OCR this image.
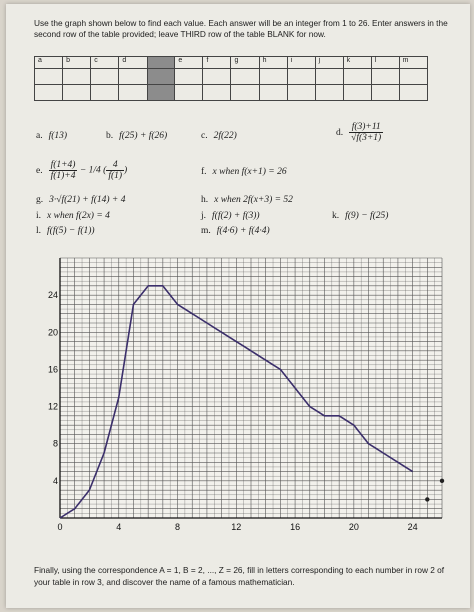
Use the graph shown below to find each value. Each answer will be an integer from 1 to 26. Enter answers in the second row of the table provided; leave THIRD row of the table BLANK for now.
a	b	c	d		e	f	g	h	i	j	k	l	m

a. f(13)	b. f(25) + f(26)	c. 2f(22)	d. $\frac{f(3)+11}{√f(3+1)}$
e. $\frac{f(1+4)}{f(1)+4} - 1/4$ ( $\frac{4}{f(1)}$ )	f. x when f(x+1) = 26
g. 3·√f(21) + f(14) + 4	h. x when 2f(x+3) = 52
i. x when f(2x) = 4	j. f(f(2) + f(3))	k. f(9) − f(25)
l. f(f(5) − f(1))	m. f(4·6) + f(4·4)
Finally, using the correspondence A = 1, B = 2, ..., Z = 26, fill in letters corresponding to each number in row 2 of your table in row 3, and discover the name of a famous mathematician.
0	4	8	12	16	20	24
4
8
12
16
20
24
